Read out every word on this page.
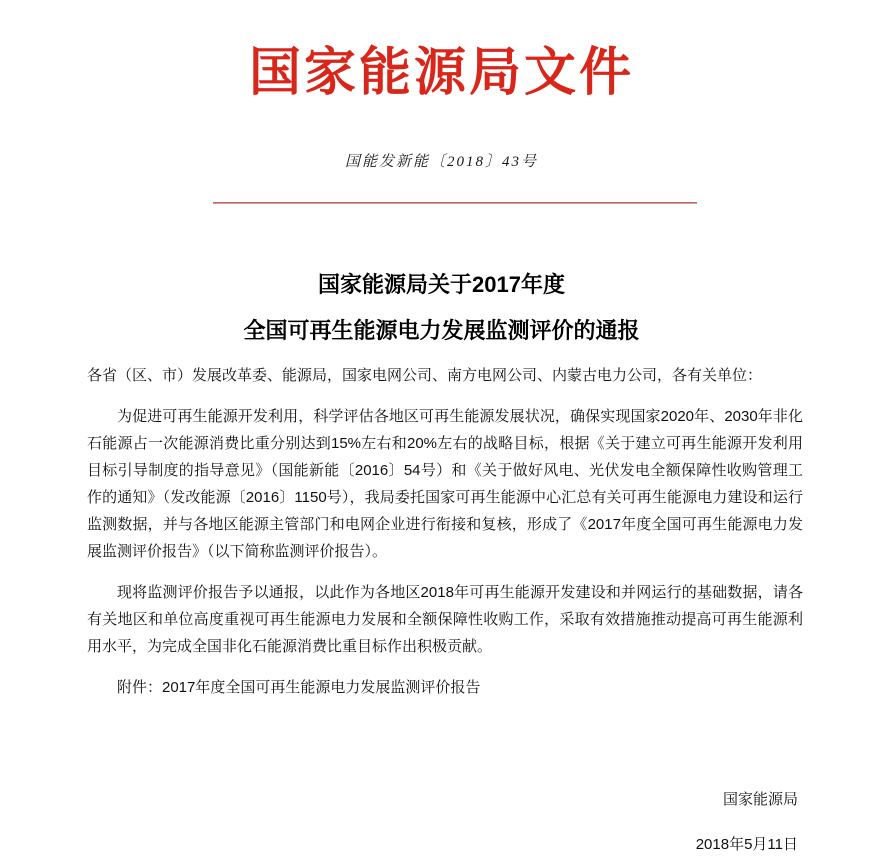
国家能源局文件
国能发新能〔2018〕43号
国家能源局关于2017年度
全国可再生能源电力发展监测评价的通报
各省（区、市）发展改革委、能源局，国家电网公司、南方电网公司、内蒙古电力公司，各有关单位：
为促进可再生能源开发利用，科学评估各地区可再生能源发展状况，确保实现国家2020年、2030年非化石能源占一次能源消费比重分别达到15%左右和20%左右的战略目标，根据《关于建立可再生能源开发利用目标引导制度的指导意见》（国能新能〔2016〕54号）和《关于做好风电、光伏发电全额保障性收购管理工作的通知》（发改能源〔2016〕1150号），我局委托国家可再生能源中心汇总有关可再生能源电力建设和运行监测数据，并与各地区能源主管部门和电网企业进行衔接和复核，形成了《2017年度全国可再生能源电力发展监测评价报告》（以下简称监测评价报告）。
现将监测评价报告予以通报，以此作为各地区2018年可再生能源开发建设和并网运行的基础数据，请各有关地区和单位高度重视可再生能源电力发展和全额保障性收购工作，采取有效措施推动提高可再生能源利用水平，为完成全国非化石能源消费比重目标作出积极贡献。
附件：2017年度全国可再生能源电力发展监测评价报告
国家能源局
2018年5月11日
